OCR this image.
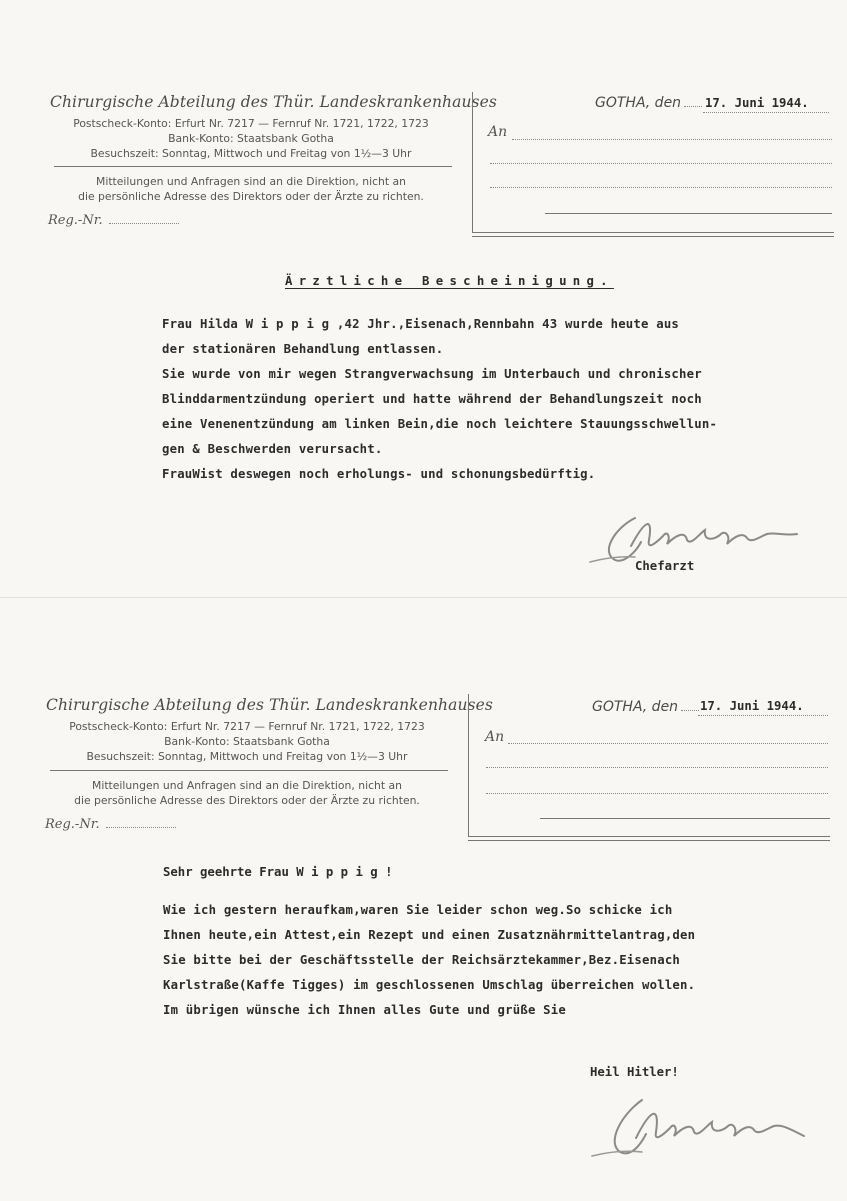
Chirurgische Abteilung des Thür. Landeskrankenhauses
Postscheck-Konto: Erfurt Nr. 7217 — Fernruf Nr. 1721, 1722, 1723
Bank-Konto: Staatsbank Gotha
Besuchszeit: Sonntag, Mittwoch und Freitag von 1½—3 Uhr
Mitteilungen und Anfragen sind an die Direktion, nicht an
die persönliche Adresse des Direktors oder der Ärzte zu richten.
Reg.-Nr.
GOTHA, den	17. Juni 1944.
An
Ärztliche Bescheinigung.
Frau Hilda W i p p i g ,42 Jhr.,Eisenach,Rennbahn 43 wurde heute aus
der stationären Behandlung entlassen.
Sie wurde von mir wegen Strangverwachsung im Unterbauch und chronischer
Blinddarmentzündung operiert und hatte während der Behandlungszeit noch
eine Venenentzündung am linken Bein,die noch leichtere Stauungsschwellun-
gen & Beschwerden verursacht.
FrauWist deswegen noch erholungs- und schonungsbedürftig.
Chefarzt
Chirurgische Abteilung des Thür. Landeskrankenhauses
Postscheck-Konto: Erfurt Nr. 7217 — Fernruf Nr. 1721, 1722, 1723
Bank-Konto: Staatsbank Gotha
Besuchszeit: Sonntag, Mittwoch und Freitag von 1½—3 Uhr
Mitteilungen und Anfragen sind an die Direktion, nicht an
die persönliche Adresse des Direktors oder der Ärzte zu richten.
Reg.-Nr.
GOTHA, den	17. Juni 1944.
An
Sehr geehrte Frau W i p p i g !
Wie ich gestern heraufkam,waren Sie leider schon weg.So schicke ich
Ihnen heute,ein Attest,ein Rezept und einen Zusatznährmittelantrag,den
Sie bitte bei der Geschäftsstelle der Reichsärztekammer,Bez.Eisenach
Karlstraße(Kaffe Tigges) im geschlossenen Umschlag überreichen wollen.
Im übrigen wünsche ich Ihnen alles Gute und grüße Sie
Heil Hitler!
